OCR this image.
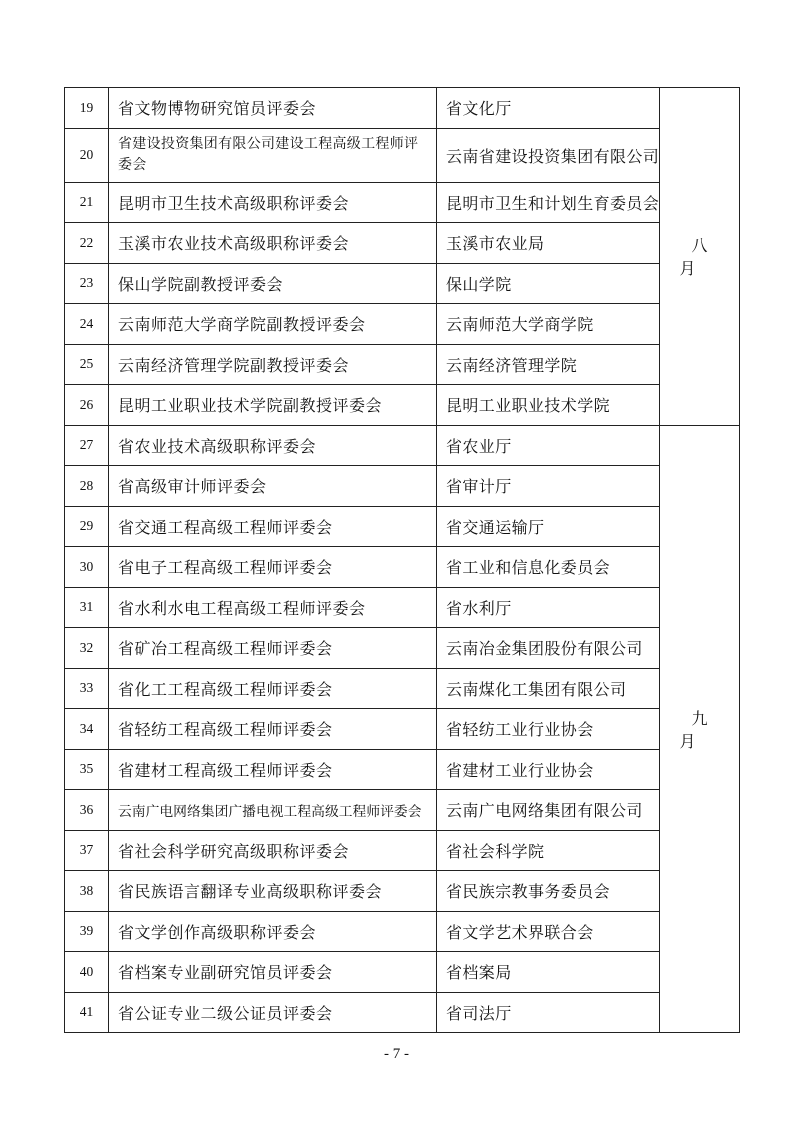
19	省文物博物研究馆员评委会	省文化厅	八月
20	省建设投资集团有限公司建设工程高级工程师评委会	云南省建设投资集团有限公司	
21	昆明市卫生技术高级职称评委会	昆明市卫生和计划生育委员会	
22	玉溪市农业技术高级职称评委会	玉溪市农业局	
23	保山学院副教授评委会	保山学院	
24	云南师范大学商学院副教授评委会	云南师范大学商学院	
25	云南经济管理学院副教授评委会	云南经济管理学院	
26	昆明工业职业技术学院副教授评委会	昆明工业职业技术学院	
27	省农业技术高级职称评委会	省农业厅	九月
28	省高级审计师评委会	省审计厅	
29	省交通工程高级工程师评委会	省交通运输厅	
30	省电子工程高级工程师评委会	省工业和信息化委员会	
31	省水利水电工程高级工程师评委会	省水利厅	
32	省矿冶工程高级工程师评委会	云南冶金集团股份有限公司	
33	省化工工程高级工程师评委会	云南煤化工集团有限公司	
34	省轻纺工程高级工程师评委会	省轻纺工业行业协会	
35	省建材工程高级工程师评委会	省建材工业行业协会	
36	云南广电网络集团广播电视工程高级工程师评委会	云南广电网络集团有限公司	
37	省社会科学研究高级职称评委会	省社会科学院	
38	省民族语言翻译专业高级职称评委会	省民族宗教事务委员会	
39	省文学创作高级职称评委会	省文学艺术界联合会	
40	省档案专业副研究馆员评委会	省档案局	
41	省公证专业二级公证员评委会	省司法厅	
- 7 -
